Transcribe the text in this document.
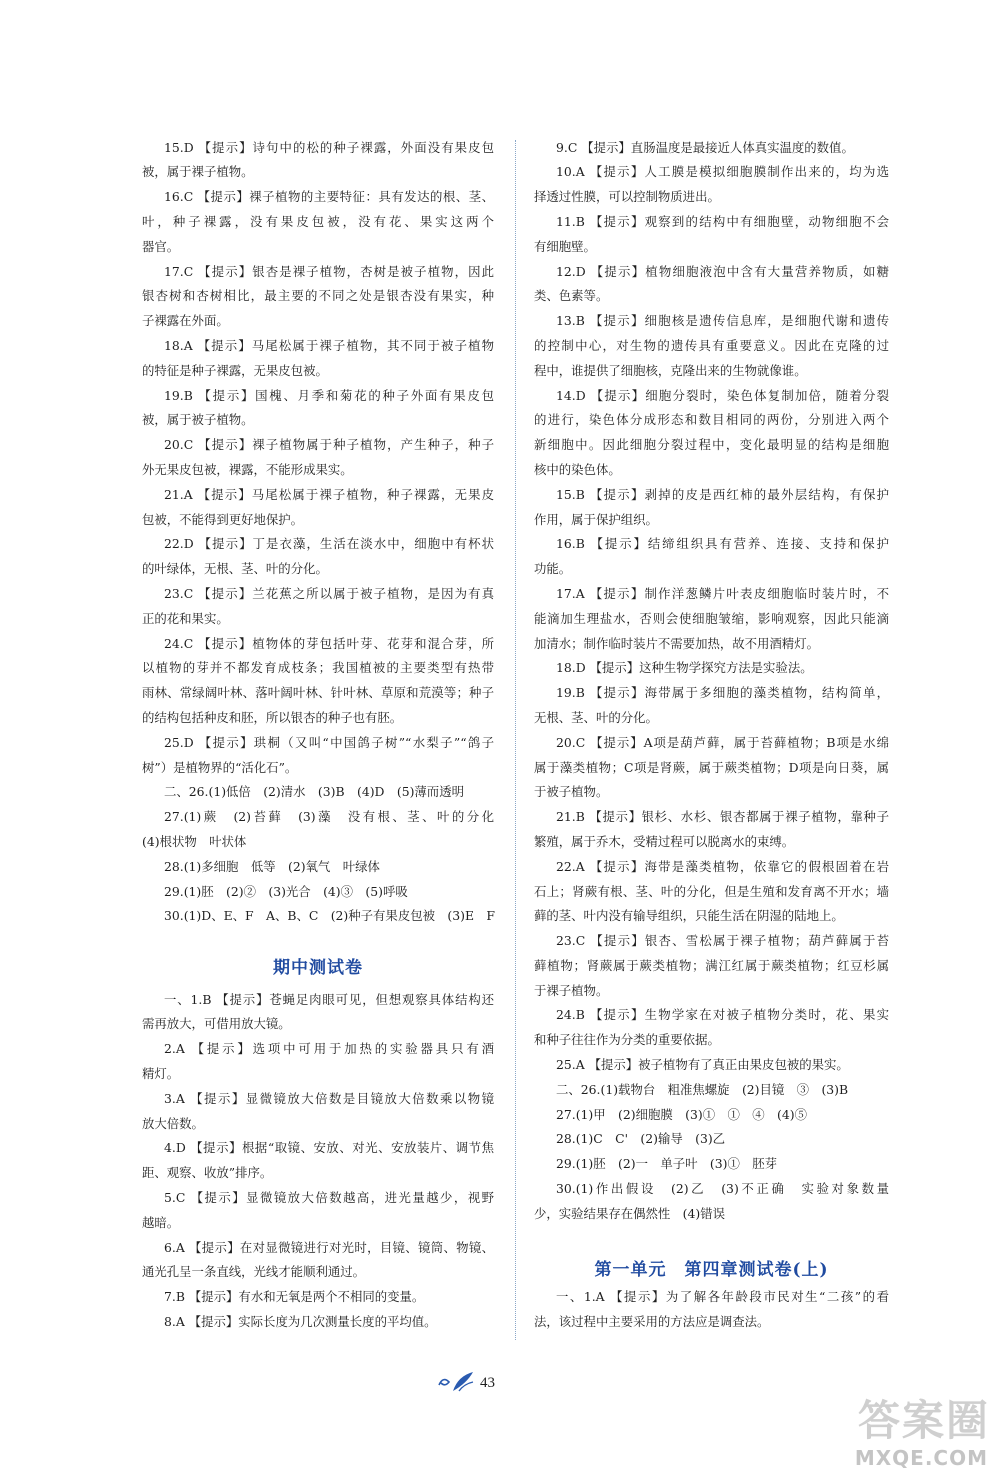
15.D 【提示】诗句中的松的种子裸露，外面没有果皮包
被，属于裸子植物。
16.C 【提示】裸子植物的主要特征：具有发达的根、茎、
叶，种子裸露，没有果皮包被，没有花、果实这两个
器官。
17.C 【提示】银杏是裸子植物，杏树是被子植物，因此
银杏树和杏树相比，最主要的不同之处是银杏没有果实，种
子裸露在外面。
18.A 【提示】马尾松属于裸子植物，其不同于被子植物
的特征是种子裸露，无果皮包被。
19.B 【提示】国槐、月季和菊花的种子外面有果皮包
被，属于被子植物。
20.C 【提示】裸子植物属于种子植物，产生种子，种子
外无果皮包被，裸露，不能形成果实。
21.A 【提示】马尾松属于裸子植物，种子裸露，无果皮
包被，不能得到更好地保护。
22.D 【提示】丁是衣藻，生活在淡水中，细胞中有杯状
的叶绿体，无根、茎、叶的分化。
23.C 【提示】兰花蕉之所以属于被子植物，是因为有真
正的花和果实。
24.C 【提示】植物体的芽包括叶芽、花芽和混合芽，所
以植物的芽并不都发育成枝条；我国植被的主要类型有热带
雨林、常绿阔叶林、落叶阔叶林、针叶林、草原和荒漠等；种子
的结构包括种皮和胚，所以银杏的种子也有胚。
25.D 【提示】珙桐（又叫“中国鸽子树”“水梨子”“鸽子
树”）是植物界的“活化石”。
二、26.(1)低倍　(2)清水　(3)B　(4)D　(5)薄而透明
27.(1)蕨　(2)苔藓　(3)藻　没有根、茎、叶的分化
(4)根状物　叶状体
28.(1)多细胞　低等　(2)氧气　叶绿体
29.(1)胚　(2)②　(3)光合　(4)③　(5)呼吸
30.(1)D、E、F　A、B、C　(2)种子有果皮包被　(3)E　F
期中测试卷
一、1.B 【提示】苍蝇足肉眼可见，但想观察具体结构还
需再放大，可借用放大镜。
2.A 【提示】选项中可用于加热的实验器具只有酒
精灯。
3.A 【提示】显微镜放大倍数是目镜放大倍数乘以物镜
放大倍数。
4.D 【提示】根据“取镜、安放、对光、安放装片、调节焦
距、观察、收放”排序。
5.C 【提示】显微镜放大倍数越高，进光量越少，视野
越暗。
6.A 【提示】在对显微镜进行对光时，目镜、镜筒、物镜、
通光孔呈一条直线，光线才能顺利通过。
7.B 【提示】有水和无氧是两个不相同的变量。
8.A 【提示】实际长度为几次测量长度的平均值。
9.C 【提示】直肠温度是最接近人体真实温度的数值。
10.A 【提示】人工膜是模拟细胞膜制作出来的，均为选
择透过性膜，可以控制物质进出。
11.B 【提示】观察到的结构中有细胞壁，动物细胞不会
有细胞壁。
12.D 【提示】植物细胞液泡中含有大量营养物质，如糖
类、色素等。
13.B 【提示】细胞核是遗传信息库，是细胞代谢和遗传
的控制中心，对生物的遗传具有重要意义。因此在克隆的过
程中，谁提供了细胞核，克隆出来的生物就像谁。
14.D 【提示】细胞分裂时，染色体复制加倍，随着分裂
的进行，染色体分成形态和数目相同的两份，分别进入两个
新细胞中。因此细胞分裂过程中，变化最明显的结构是细胞
核中的染色体。
15.B 【提示】剥掉的皮是西红柿的最外层结构，有保护
作用，属于保护组织。
16.B 【提示】结缔组织具有营养、连接、支持和保护
功能。
17.A 【提示】制作洋葱鳞片叶表皮细胞临时装片时，不
能滴加生理盐水，否则会使细胞皱缩，影响观察，因此只能滴
加清水；制作临时装片不需要加热，故不用酒精灯。
18.D 【提示】这种生物学探究方法是实验法。
19.B 【提示】海带属于多细胞的藻类植物，结构简单，
无根、茎、叶的分化。
20.C 【提示】A项是葫芦藓，属于苔藓植物；B项是水绵
属于藻类植物；C项是肾蕨，属于蕨类植物；D项是向日葵，属
于被子植物。
21.B 【提示】银杉、水杉、银杏都属于裸子植物，靠种子
繁殖，属于乔木，受精过程可以脱离水的束缚。
22.A 【提示】海带是藻类植物，依靠它的假根固着在岩
石上；肾蕨有根、茎、叶的分化，但是生殖和发育离不开水；墙
藓的茎、叶内没有输导组织，只能生活在阴湿的陆地上。
23.C 【提示】银杏、雪松属于裸子植物；葫芦藓属于苔
藓植物；肾蕨属于蕨类植物；满江红属于蕨类植物；红豆杉属
于裸子植物。
24.B 【提示】生物学家在对被子植物分类时，花、果实
和种子往往作为分类的重要依据。
25.A 【提示】被子植物有了真正由果皮包被的果实。
二、26.(1)载物台　粗准焦螺旋　(2)目镜　③　(3)B
27.(1)甲　(2)细胞膜　(3)①　①　④　(4)⑤
28.(1)C　C'　(2)输导　(3)乙
29.(1)胚　(2)一　单子叶　(3)①　胚芽
30.(1)作出假设　(2)乙　(3)不正确　实验对象数量
少，实验结果存在偶然性　(4)错误
第一单元　第四章测试卷(上)
一、1.A 【提示】为了解各年龄段市民对生“二孩”的看
法，该过程中主要采用的方法应是调查法。
43
答案圈
MXQE.COM
